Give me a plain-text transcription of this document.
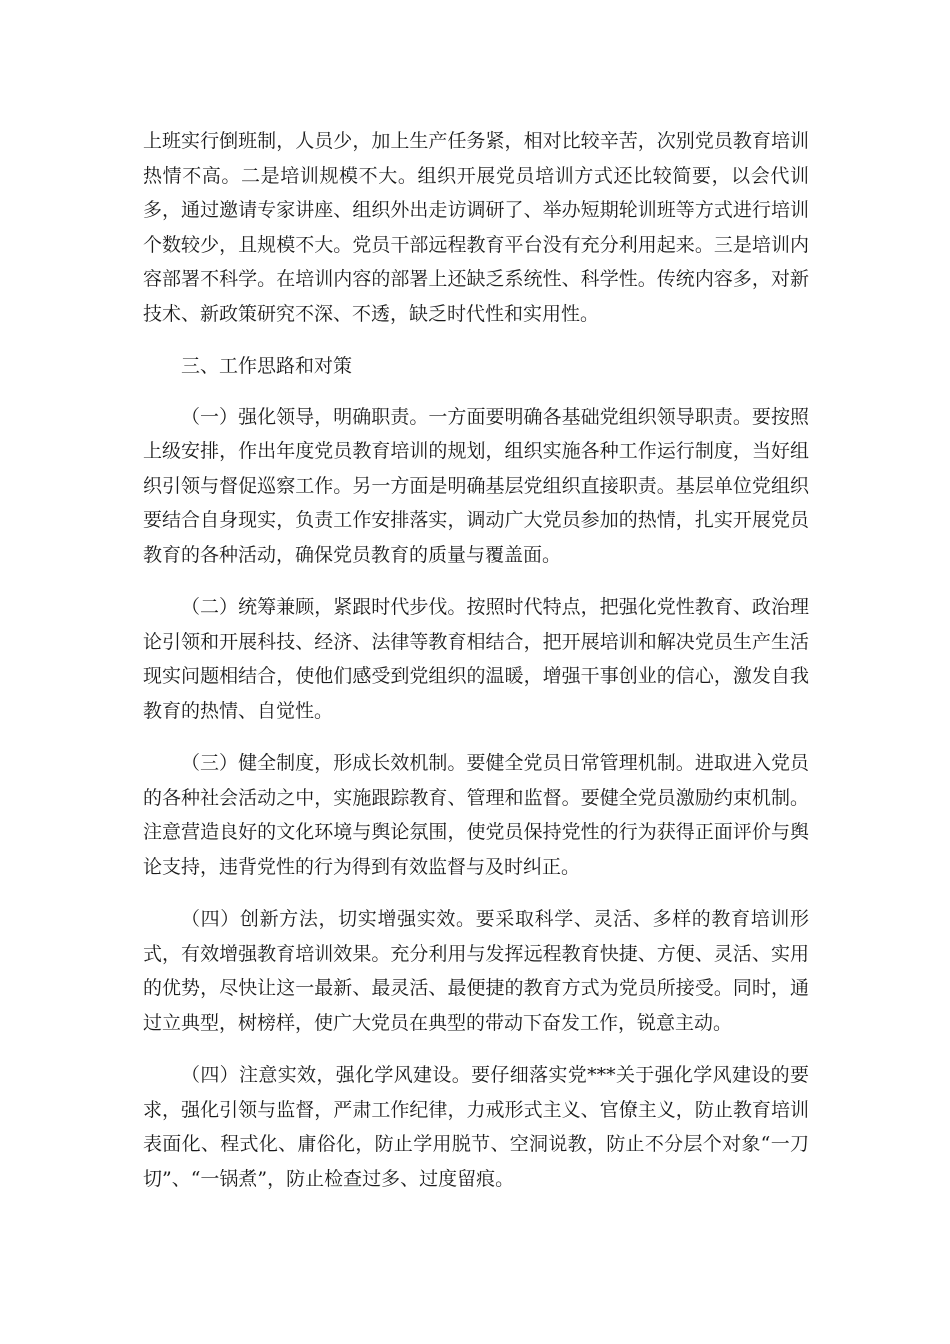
上班实行倒班制，人员少，加上生产任务紧，相对比较辛苦，次别党员教育培训热情不高。二是培训规模不大。组织开展党员培训方式还比较简要，以会代训多，通过邀请专家讲座、组织外出走访调研了、举办短期轮训班等方式进行培训个数较少，且规模不大。党员干部远程教育平台没有充分利用起来。三是培训内容部署不科学。在培训内容的部署上还缺乏系统性、科学性。传统内容多，对新技术、新政策研究不深、不透，缺乏时代性和实用性。

三、工作思路和对策

（一）强化领导，明确职责。一方面要明确各基础党组织领导职责。要按照上级安排，作出年度党员教育培训的规划，组织实施各种工作运行制度，当好组织引领与督促巡察工作。另一方面是明确基层党组织直接职责。基层单位党组织要结合自身现实，负责工作安排落实，调动广大党员参加的热情，扎实开展党员教育的各种活动，确保党员教育的质量与覆盖面。

（二）统筹兼顾，紧跟时代步伐。按照时代特点，把强化党性教育、政治理论引领和开展科技、经济、法律等教育相结合，把开展培训和解决党员生产生活现实问题相结合，使他们感受到党组织的温暖，增强干事创业的信心，激发自我教育的热情、自觉性。

（三）健全制度，形成长效机制。要健全党员日常管理机制。进取进入党员的各种社会活动之中，实施跟踪教育、管理和监督。要健全党员激励约束机制。注意营造良好的文化环境与舆论氛围，使党员保持党性的行为获得正面评价与舆论支持，违背党性的行为得到有效监督与及时纠正。

（四）创新方法，切实增强实效。要采取科学、灵活、多样的教育培训形式，有效增强教育培训效果。充分利用与发挥远程教育快捷、方便、灵活、实用的优势，尽快让这一最新、最灵活、最便捷的教育方式为党员所接受。同时，通过立典型，树榜样，使广大党员在典型的带动下奋发工作，锐意主动。

（四）注意实效，强化学风建设。要仔细落实党***关于强化学风建设的要求，强化引领与监督，严肃工作纪律，力戒形式主义、官僚主义，防止教育培训表面化、程式化、庸俗化，防止学用脱节、空洞说教，防止不分层个对象“一刀切”、“一锅煮”，防止检查过多、过度留痕。
